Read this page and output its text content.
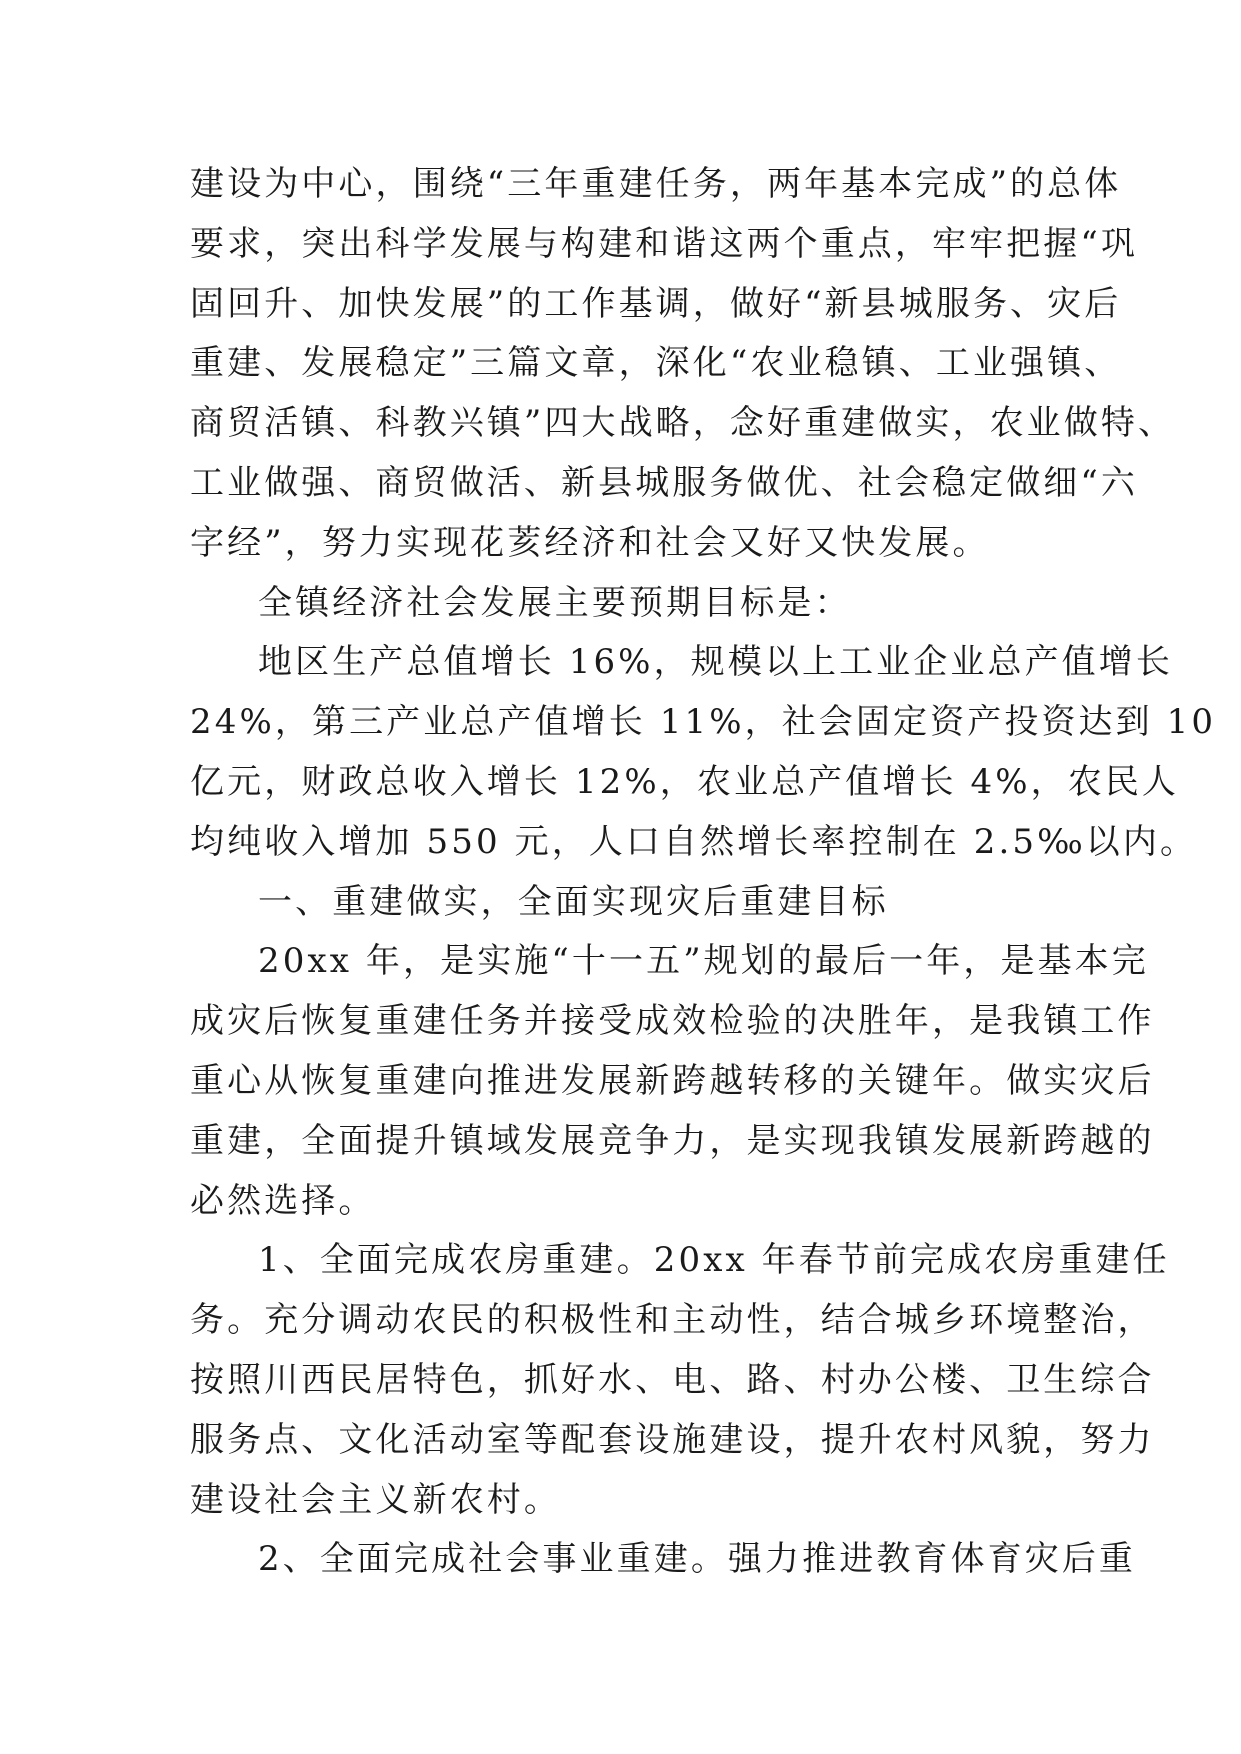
建设为中心，围绕“三年重建任务，两年基本完成”的总体
要求，突出科学发展与构建和谐这两个重点，牢牢把握“巩
固回升、加快发展”的工作基调，做好“新县城服务、灾后
重建、发展稳定”三篇文章，深化“农业稳镇、工业强镇、
商贸活镇、科教兴镇”四大战略，念好重建做实，农业做特、
工业做强、商贸做活、新县城服务做优、社会稳定做细“六
字经”，努力实现花荄经济和社会又好又快发展。

全镇经济社会发展主要预期目标是：

地区生产总值增长 16%，规模以上工业企业总产值增长
24%，第三产业总产值增长 11%，社会固定资产投资达到 10
亿元，财政总收入增长 12%，农业总产值增长 4%，农民人
均纯收入增加 550 元，人口自然增长率控制在 2.5‰以内。

一、重建做实，全面实现灾后重建目标

20xx 年，是实施“十一五”规划的最后一年，是基本完
成灾后恢复重建任务并接受成效检验的决胜年，是我镇工作
重心从恢复重建向推进发展新跨越转移的关键年。做实灾后
重建，全面提升镇域发展竞争力，是实现我镇发展新跨越的
必然选择。

1、全面完成农房重建。20xx 年春节前完成农房重建任
务。充分调动农民的积极性和主动性，结合城乡环境整治，
按照川西民居特色，抓好水、电、路、村办公楼、卫生综合
服务点、文化活动室等配套设施建设，提升农村风貌，努力
建设社会主义新农村。

2、全面完成社会事业重建。强力推进教育体育灾后重
